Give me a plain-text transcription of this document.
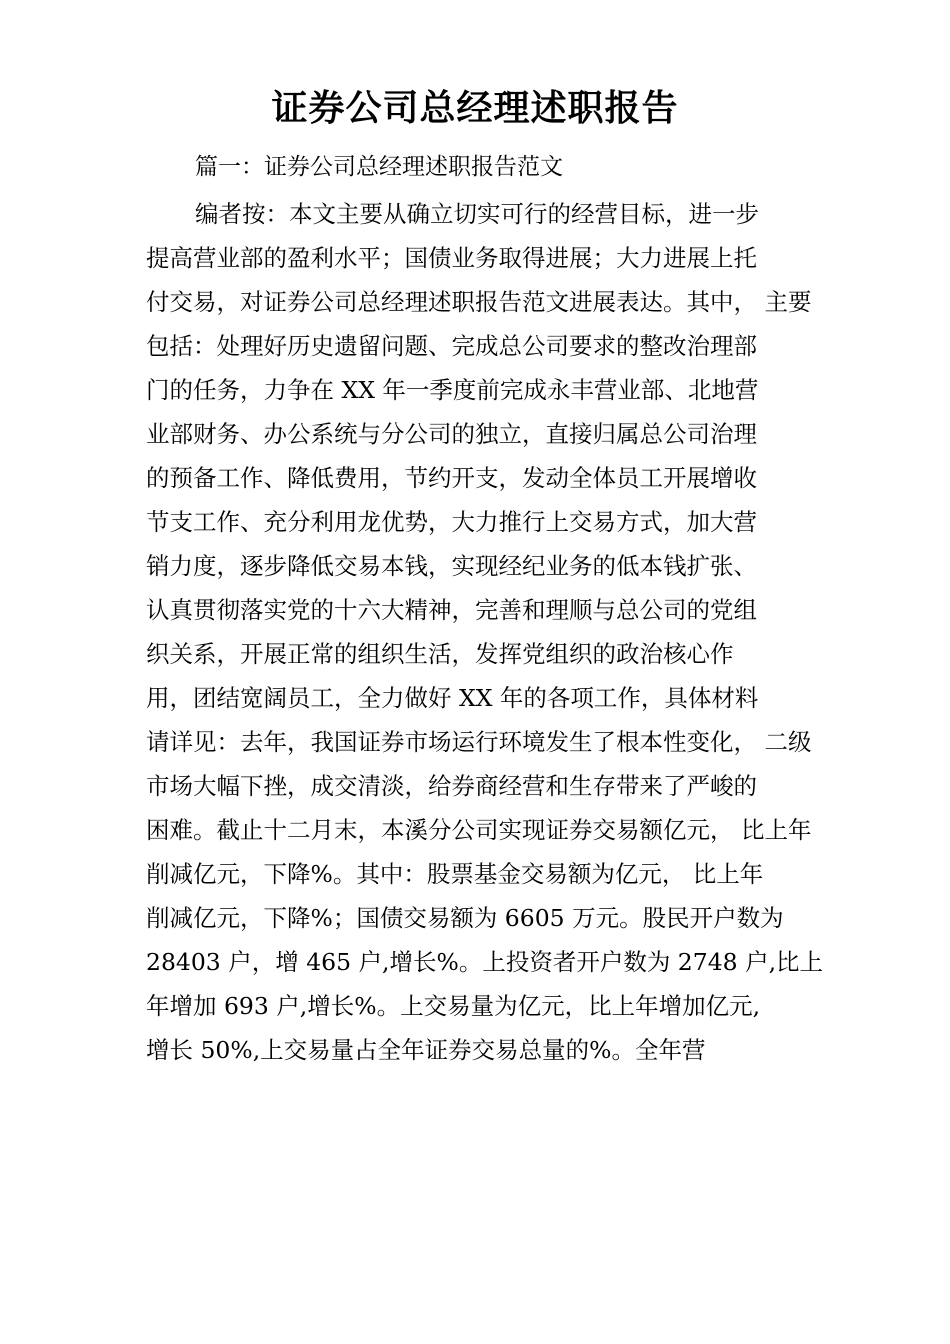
证券公司总经理述职报告
篇一：证券公司总经理述职报告范文
编者按：本文主要从确立切实可行的经营目标，进一步
提高营业部的盈利水平；国债业务取得进展；大力进展上托
付交易，对证券公司总经理述职报告范文进展表达。其中， 主要
包括：处理好历史遗留问题、完成总公司要求的整改治理部
门的任务，力争在 XX 年一季度前完成永丰营业部、北地营
业部财务、办公系统与分公司的独立，直接归属总公司治理
的预备工作、降低费用，节约开支，发动全体员工开展增收
节支工作、充分利用龙优势，大力推行上交易方式，加大营
销力度，逐步降低交易本钱，实现经纪业务的低本钱扩张、
认真贯彻落实党的十六大精神，完善和理顺与总公司的党组
织关系，开展正常的组织生活，发挥党组织的政治核心作
用，团结宽阔员工，全力做好 XX 年的各项工作，具体材料
请详见：去年，我国证券市场运行环境发生了根本性变化， 二级
市场大幅下挫，成交清淡，给券商经营和生存带来了严峻的
困难。截止十二月末，本溪分公司实现证券交易额亿元， 比上年
削减亿元，下降%。其中：股票基金交易额为亿元， 比上年
削减亿元，下降%；国债交易额为 6605 万元。股民开户数为
28403 户，增 465 户,增长%。上投资者开户数为 2748 户,比上
年增加 693 户,增长%。上交易量为亿元，比上年增加亿元,
增长 50%,上交易量占全年证券交易总量的%。全年营
